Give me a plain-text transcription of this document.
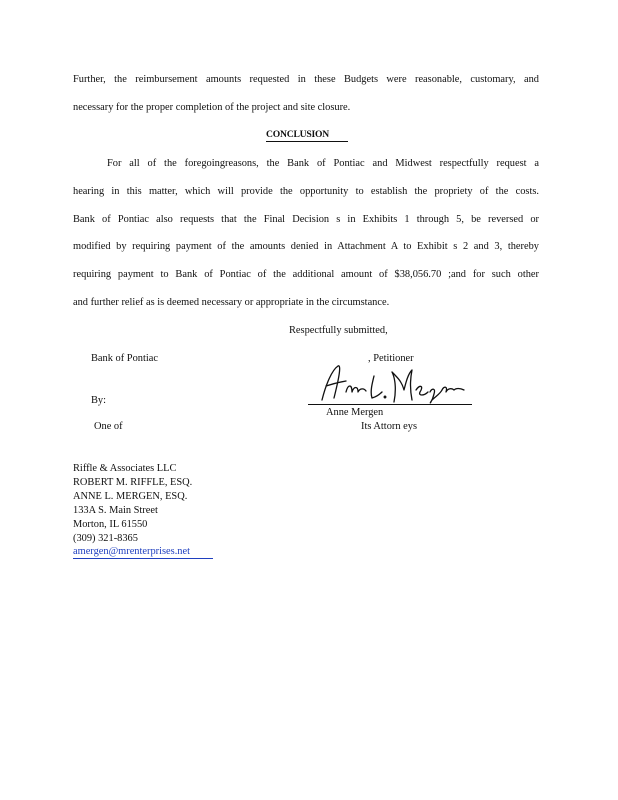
Further, the reimbursement amounts requested in these Budgets were reasonable, customary, and
necessary for the proper completion of the project and site closure.
CONCLUSION
For all of the foregoingreasons, the Bank of Pontiac and Midwest respectfully request a
hearing in this matter, which will provide the opportunity to establish the propriety of the costs.
Bank of Pontiac also requests that the Final Decision s in Exhibits 1 through 5, be reversed or
modified by requiring payment of the amounts denied in Attachment A to Exhibit s 2 and 3, thereby
requiring payment to Bank of Pontiac of the additional amount of $38,056.70 ;and for such other
and further relief as is deemed necessary or appropriate in the circumstance.
Respectfully submitted,
Bank of Pontiac	, Petitioner
By:
Anne Mergen
One of	Its Attorn eys
Riffle & Associates LLC
ROBERT M. RIFFLE, ESQ.
ANNE L. MERGEN, ESQ.
133A S. Main Street
Morton, IL 61550
(309) 321-8365
amergen@mrenterprises.net
